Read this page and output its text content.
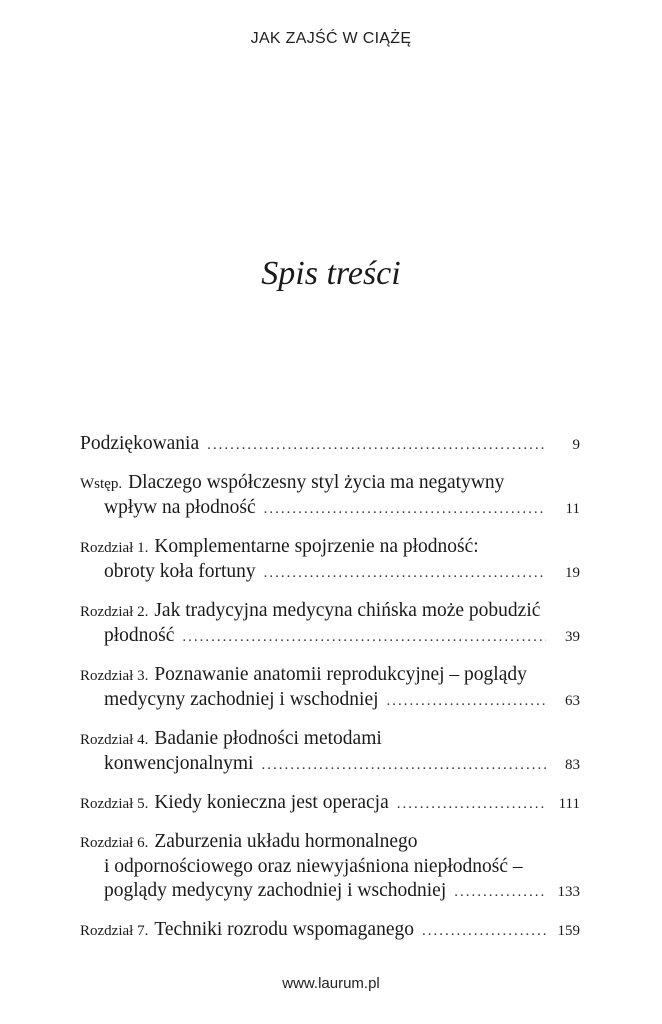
JAK ZAJŚĆ W CIĄŻĘ
Spis treści
Podziękowania .....	9
Wstęp. Dlaczego współczesny styl życia ma negatywny
wpływ na płodność .....	11
Rozdział 1. Komplementarne spojrzenie na płodność:
obroty koła fortuny .....	19
Rozdział 2. Jak tradycyjna medycyna chińska może pobudzić
płodność .....	39
Rozdział 3. Poznawanie anatomii reprodukcyjnej – poglądy
medycyny zachodniej i wschodniej .....	63
Rozdział 4. Badanie płodności metodami
konwencjonalnymi .....	83
Rozdział 5. Kiedy konieczna jest operacja .....	111
Rozdział 6. Zaburzenia układu hormonalnego
i odpornościowego oraz niewyjaśniona niepłodność –
poglądy medycyny zachodniej i wschodniej .....	133
Rozdział 7. Techniki rozrodu wspomaganego .....	159
www.laurum.pl
